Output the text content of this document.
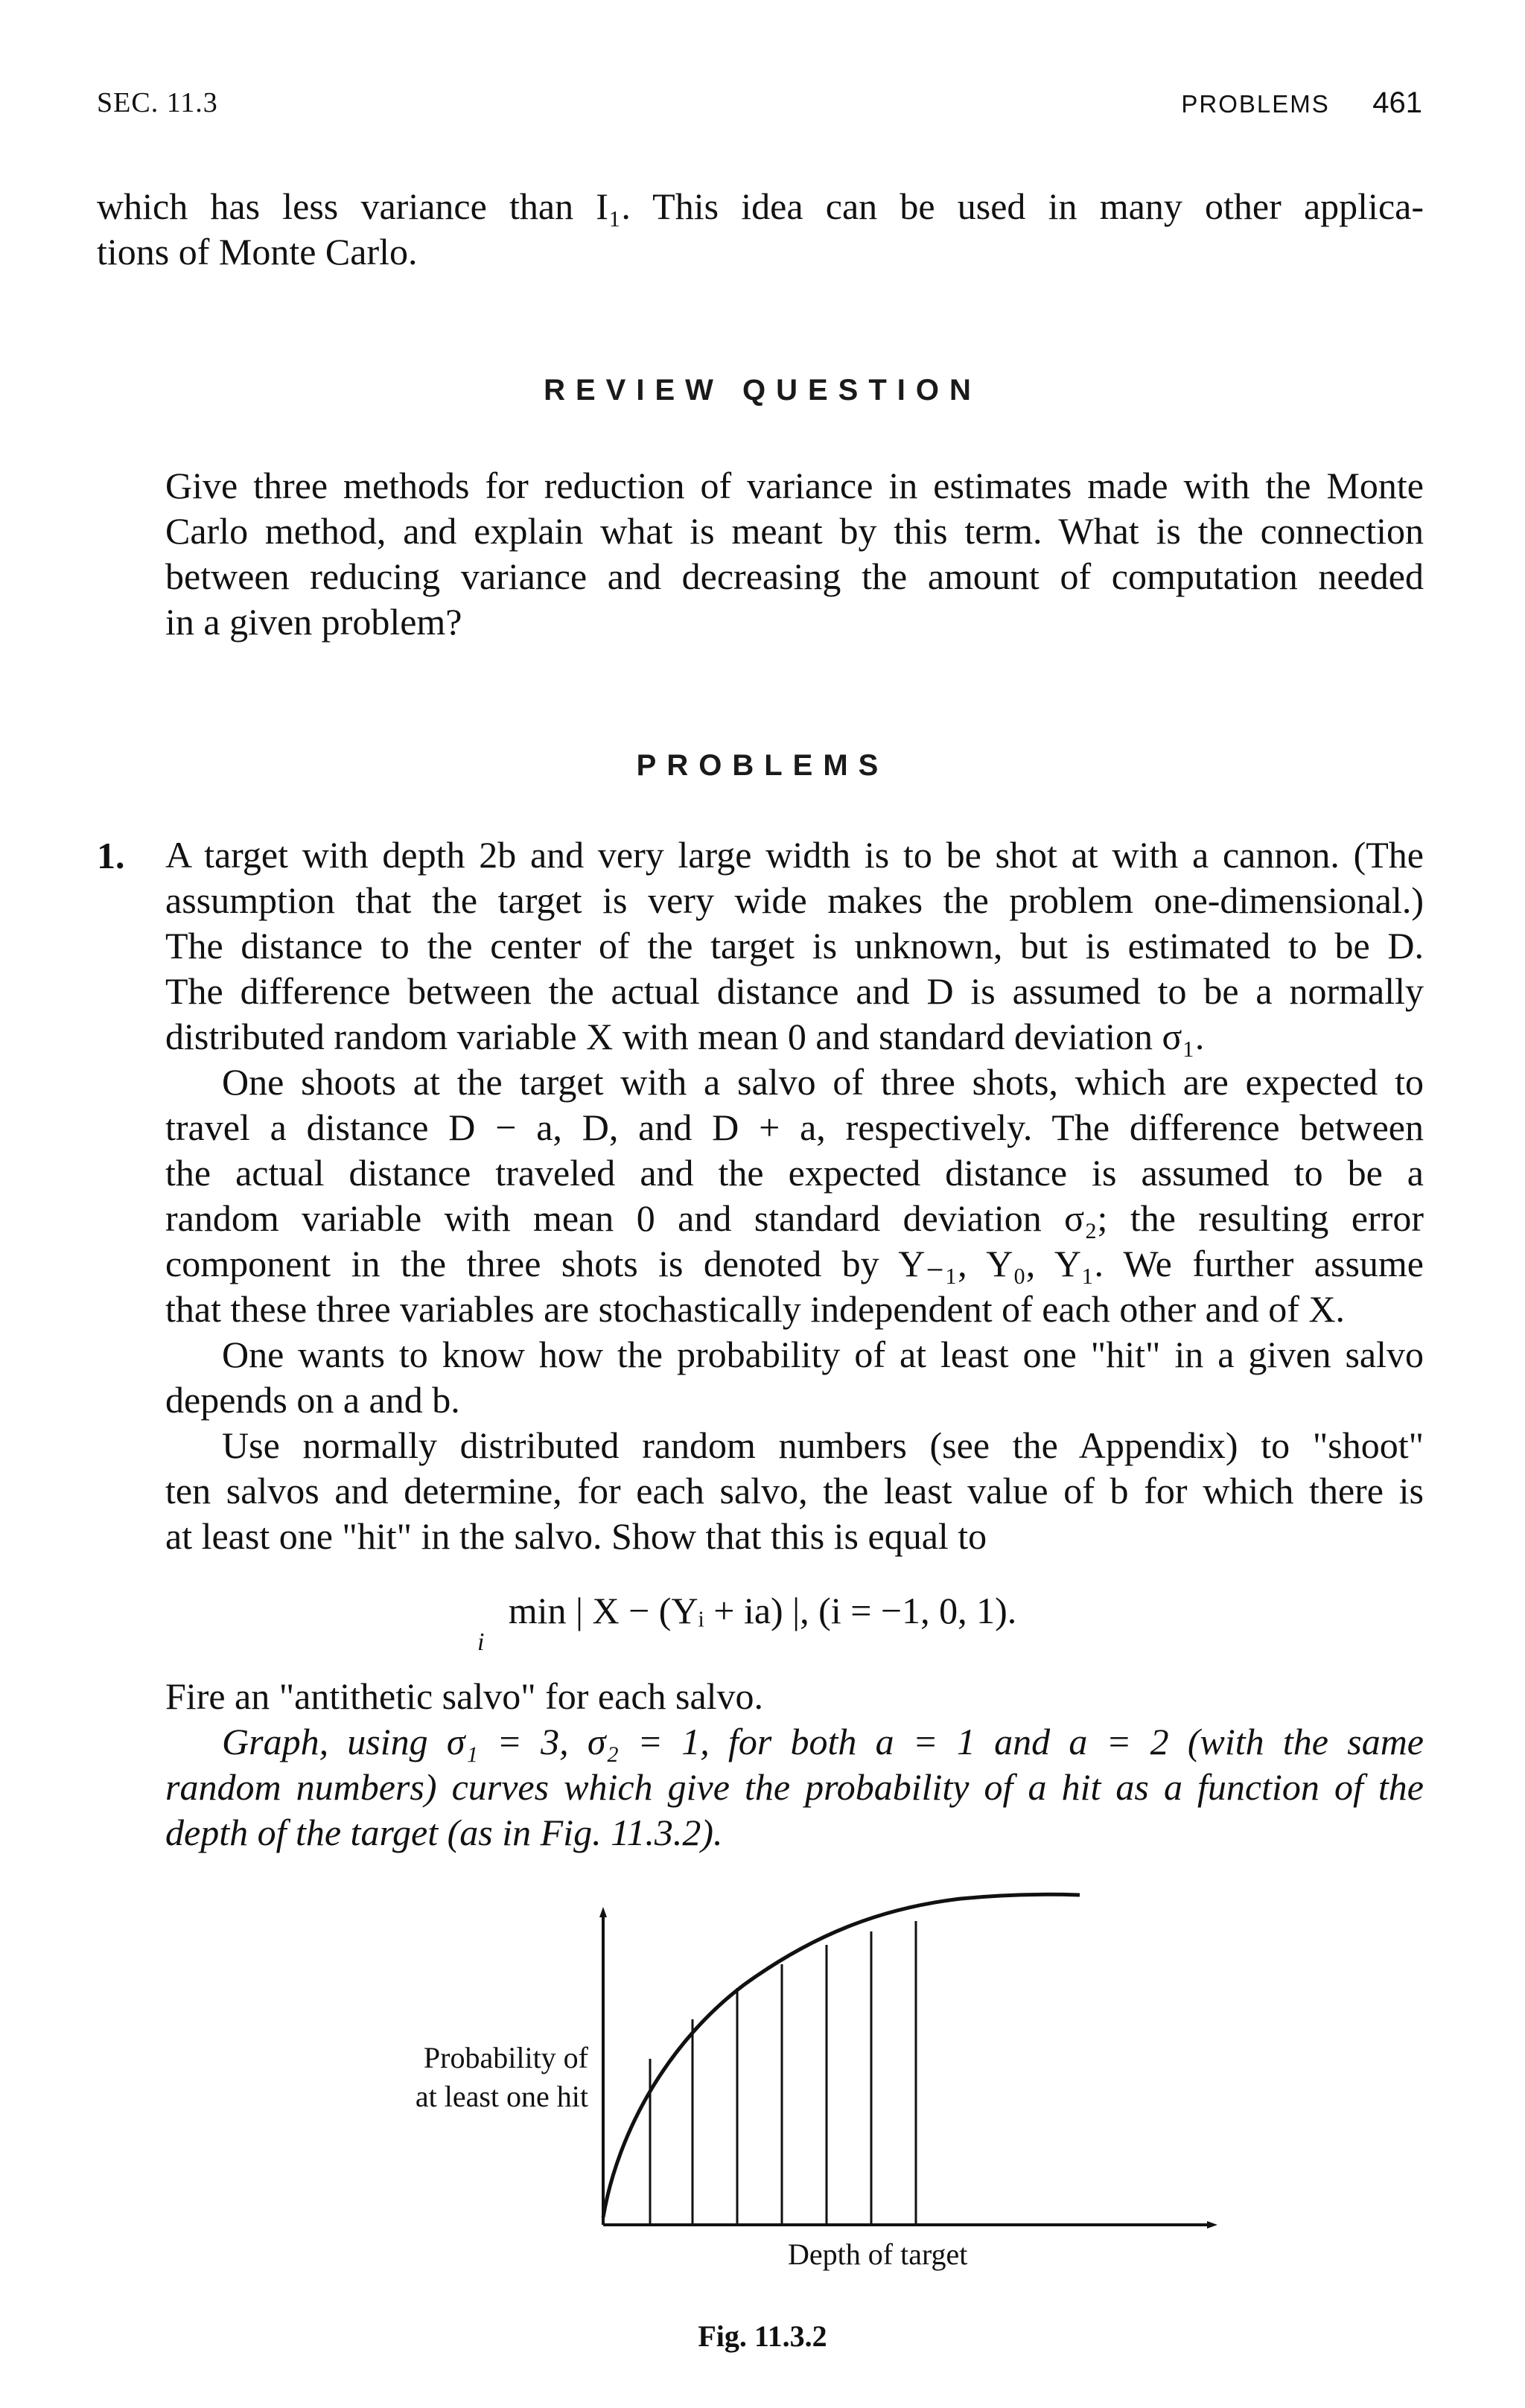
SEC. 11.3	PROBLEMS 461
which has less variance than I₁. This idea can be used in many other applica-
tions of Monte Carlo.
REVIEW QUESTION
Give three methods for reduction of variance in estimates made with the Monte
Carlo method, and explain what is meant by this term. What is the connection
between reducing variance and decreasing the amount of computation needed
in a given problem?
PROBLEMS
1. A target with depth 2b and very large width is to be shot at with a cannon. (The
assumption that the target is very wide makes the problem one-dimensional.)
The distance to the center of the target is unknown, but is estimated to be D.
The difference between the actual distance and D is assumed to be a normally
distributed random variable X with mean 0 and standard deviation σ₁.
One shoots at the target with a salvo of three shots, which are expected to
travel a distance D − a, D, and D + a, respectively. The difference between
the actual distance traveled and the expected distance is assumed to be a
random variable with mean 0 and standard deviation σ₂; the resulting error
component in the three shots is denoted by Y₋₁, Y₀, Y₁. We further assume
that these three variables are stochastically independent of each other and of X.
One wants to know how the probability of at least one "hit" in a given salvo
depends on a and b.
Use normally distributed random numbers (see the Appendix) to "shoot"
ten salvos and determine, for each salvo, the least value of b for which there is
at least one "hit" in the salvo. Show that this is equal to
min | X − (Yᵢ + ia) |, (i = −1, 0, 1).
i
Fire an "antithetic salvo" for each salvo.
Graph, using σ₁ = 3, σ₂ = 1, for both a = 1 and a = 2 (with the same
random numbers) curves which give the probability of a hit as a function of the
depth of the target (as in Fig. 11.3.2).
Probability of
at least one hit
Depth of target
Fig. 11.3.2
